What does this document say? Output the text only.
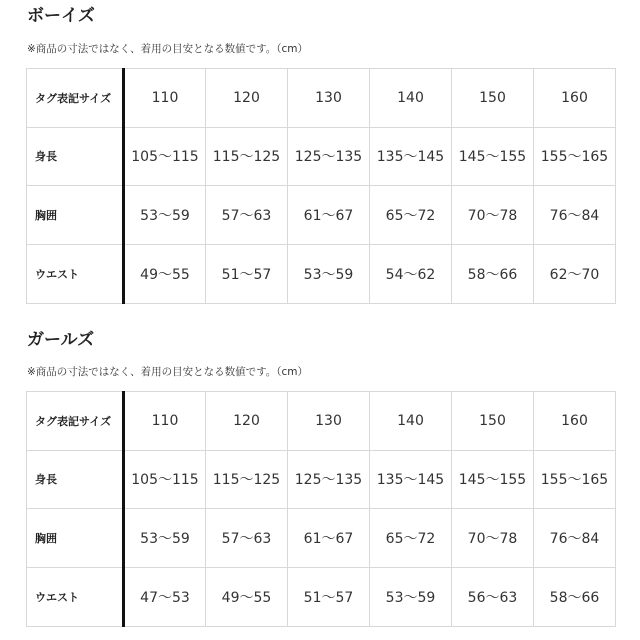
ボーイズ
※商品の寸法ではなく、着用の目安となる数値です。（cm）
タグ表記サイズ	110	120	130	140	150	160
身長	105〜115	115〜125	125〜135	135〜145	145〜155	155〜165
胸囲	53〜59	57〜63	61〜67	65〜72	70〜78	76〜84
ウエスト	49〜55	51〜57	53〜59	54〜62	58〜66	62〜70
ガールズ
※商品の寸法ではなく、着用の目安となる数値です。（cm）
タグ表記サイズ	110	120	130	140	150	160
身長	105〜115	115〜125	125〜135	135〜145	145〜155	155〜165
胸囲	53〜59	57〜63	61〜67	65〜72	70〜78	76〜84
ウエスト	47〜53	49〜55	51〜57	53〜59	56〜63	58〜66
